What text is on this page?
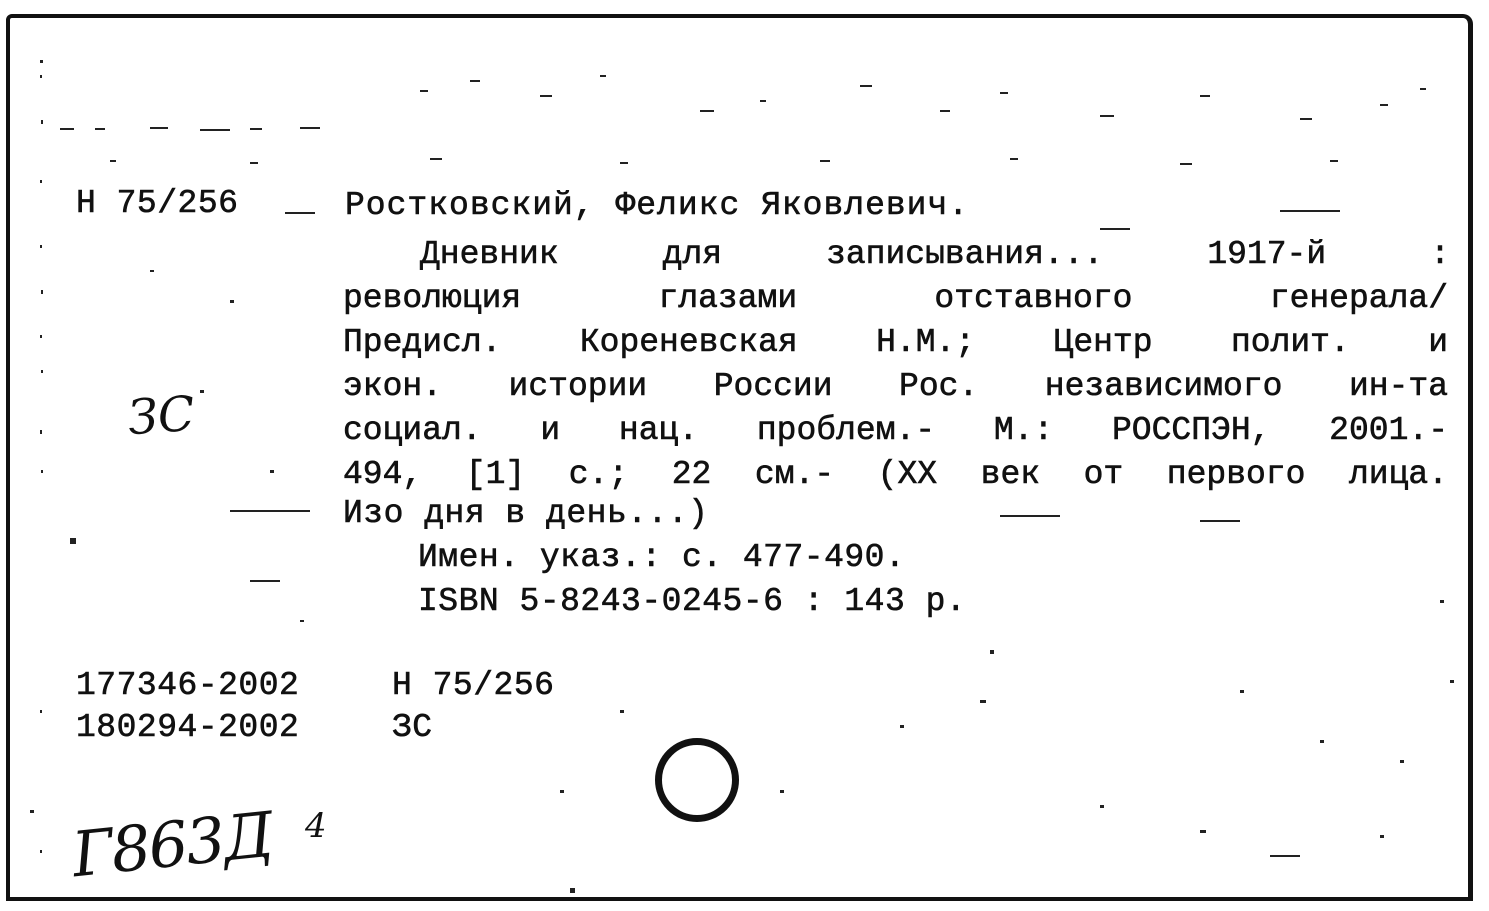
Н 75/256	Ростковский, Феликс Яковлевич.
Дневник для записывания... 1917-й :
революция глазами отставного генерала/
Предисл. Кореневская Н.М.; Центр полит. и
экон. истории России Рос. независимого ин-та
социал. и нац. проблем.- М.: РОССПЭН, 2001.-
494, [1] с.; 22 см.- (XX век от первого лица.
Изо дня в день...)
Имен. указ.: с. 477-490.
ISBN 5-8243-0245-6 : 143 р.
177346-2002	Н 75/256
180294-2002	ЗС
ЗС
Г863Д 4
